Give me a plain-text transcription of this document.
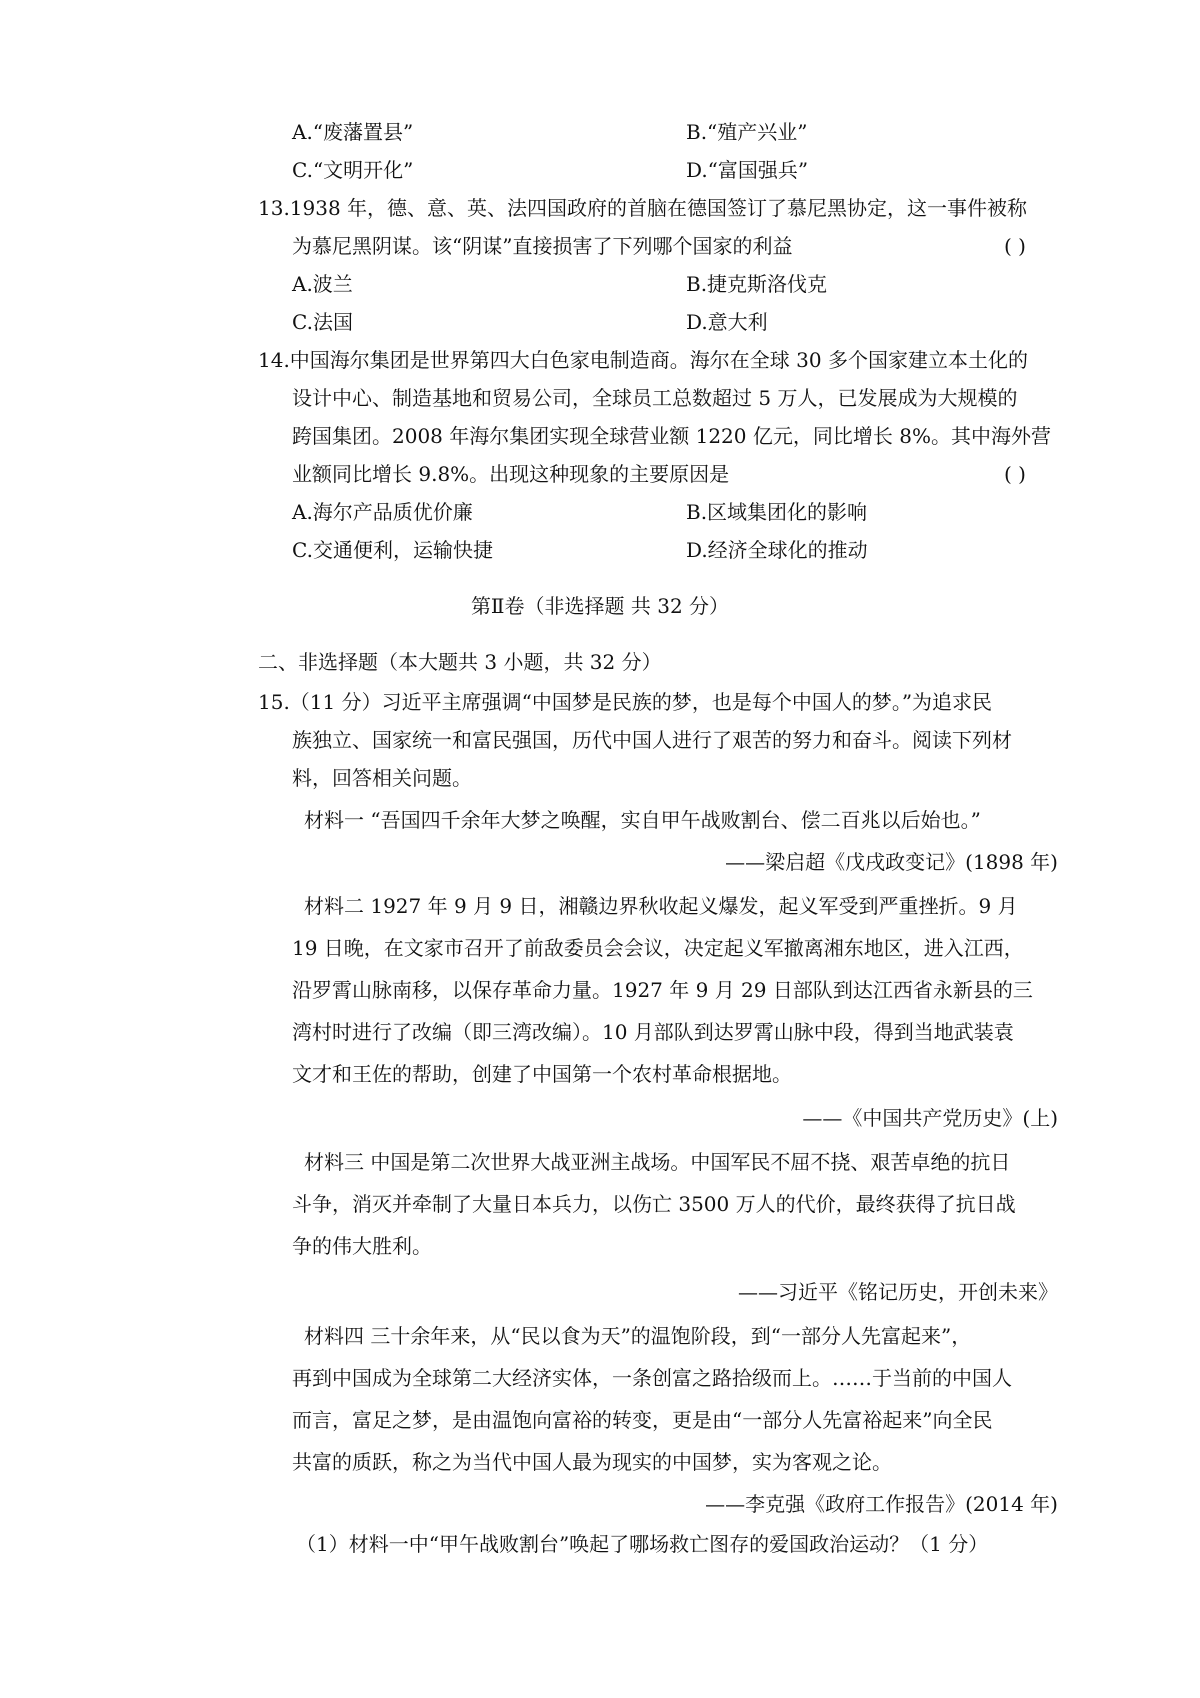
A.“废藩置县”	B.“殖产兴业”
C.“文明开化”	D.“富国强兵”
13.1938 年，德、意、英、法四国政府的首脑在德国签订了慕尼黑协定，这一事件被称
为慕尼黑阴谋。该“阴谋”直接损害了下列哪个国家的利益	( )
A.波兰	B.捷克斯洛伐克
C.法国	D.意大利
14.中国海尔集团是世界第四大白色家电制造商。海尔在全球 30 多个国家建立本土化的
设计中心、制造基地和贸易公司，全球员工总数超过 5 万人，已发展成为大规模的
跨国集团。2008 年海尔集团实现全球营业额 1220 亿元，同比增长 8%。其中海外营
业额同比增长 9.8%。出现这种现象的主要原因是	( )
A.海尔产品质优价廉	B.区域集团化的影响
C.交通便利，运输快捷	D.经济全球化的推动
第Ⅱ卷（非选择题 共 32 分）
二、非选择题（本大题共 3 小题，共 32 分）
15.（11 分）习近平主席强调“中国梦是民族的梦，也是每个中国人的梦。”为追求民
族独立、国家统一和富民强国，历代中国人进行了艰苦的努力和奋斗。阅读下列材
料，回答相关问题。
材料一 “吾国四千余年大梦之唤醒，实自甲午战败割台、偿二百兆以后始也。”
——梁启超《戊戌政变记》(1898 年)
材料二 1927 年 9 月 9 日，湘赣边界秋收起义爆发，起义军受到严重挫折。9 月
19 日晚，在文家市召开了前敌委员会会议，决定起义军撤离湘东地区，进入江西，
沿罗霄山脉南移，以保存革命力量。1927 年 9 月 29 日部队到达江西省永新县的三
湾村时进行了改编（即三湾改编）。10 月部队到达罗霄山脉中段，得到当地武装袁
文才和王佐的帮助，创建了中国第一个农村革命根据地。
——《中国共产党历史》(上)
材料三 中国是第二次世界大战亚洲主战场。中国军民不屈不挠、艰苦卓绝的抗日
斗争，消灭并牵制了大量日本兵力，以伤亡 3500 万人的代价，最终获得了抗日战
争的伟大胜利。
——习近平《铭记历史，开创未来》
材料四 三十余年来，从“民以食为天”的温饱阶段，到“一部分人先富起来”，
再到中国成为全球第二大经济实体，一条创富之路拾级而上。……于当前的中国人
而言，富足之梦，是由温饱向富裕的转变，更是由“一部分人先富裕起来”向全民
共富的质跃，称之为当代中国人最为现实的中国梦，实为客观之论。
——李克强《政府工作报告》(2014 年)
（1）材料一中“甲午战败割台”唤起了哪场救亡图存的爱国政治运动？（1 分）
